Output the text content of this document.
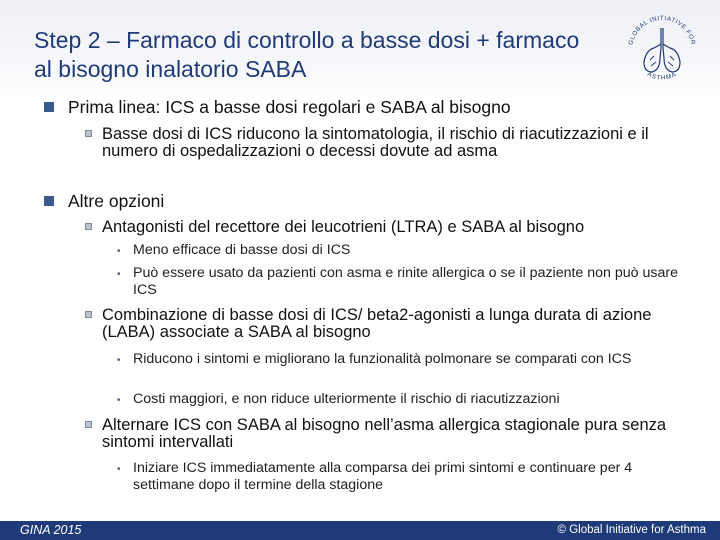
Step 2 – Farmaco di controllo a basse dosi + farmaco al bisogno inalatorio SABA
GLOBAL INITIATIVE FOR
ASTHMA
Prima linea: ICS a basse dosi regolari e SABA al bisogno
Basse dosi di ICS riducono la sintomatologia, il rischio di riacutizzazioni e il numero di ospedalizzazioni o decessi dovute ad asma
Altre opzioni
Antagonisti del recettore dei leucotrieni (LTRA) e SABA al bisogno
• Meno efficace di basse dosi di ICS
• Può essere usato da pazienti con asma e rinite allergica o se il paziente non può usare ICS
Combinazione di basse dosi di ICS/ beta2-agonisti a lunga durata di azione (LABA) associate a SABA al bisogno
• Riducono i sintomi e migliorano la funzionalità polmonare se comparati con ICS
• Costi maggiori, e non riduce ulteriormente il rischio di riacutizzazioni
Alternare ICS con SABA al bisogno nell’asma allergica stagionale pura senza sintomi intervallati
• Iniziare ICS immediatamente alla comparsa dei primi sintomi e continuare per 4 settimane dopo il termine della stagione
GINA 2015	© Global Initiative for Asthma
